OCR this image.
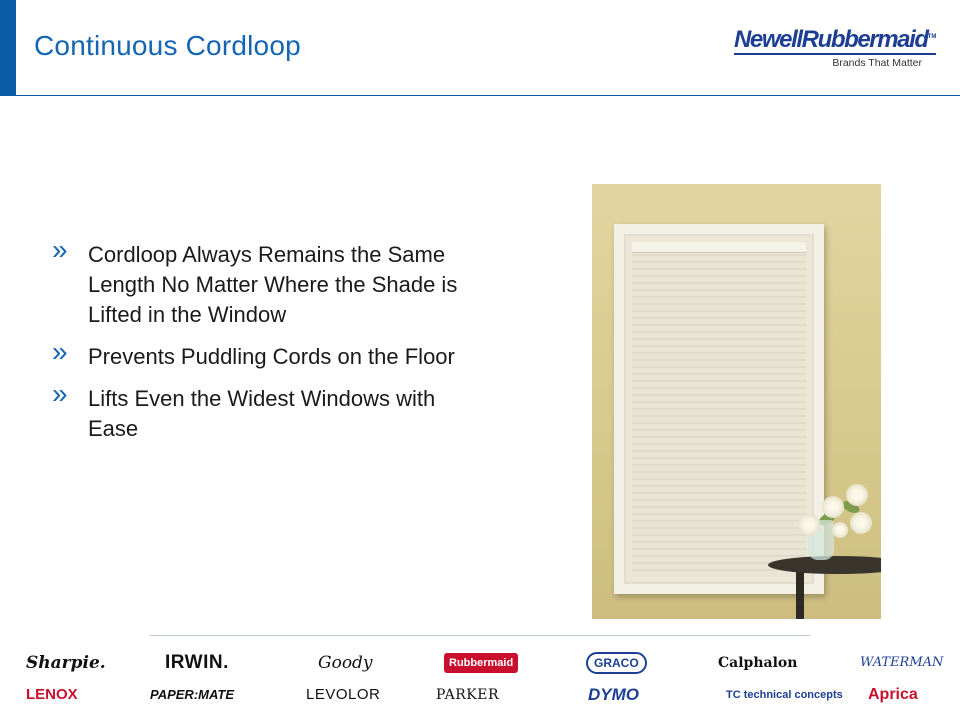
Continuous Cordloop	NewellRubbermaid™
Brands That Matter
» Cordloop Always Remains the Same Length No Matter Where the Shade is Lifted in the Window
» Prevents Puddling Cords on the Floor
» Lifts Even the Widest Windows with Ease
Sharpie.	IRWIN.	Goody	Rubbermaid	GRACO	Calphalon	WATERMAN
LENOX	PAPER:MATE	LEVOLOR	PARKER	DYMO	TC technical concepts Aprica
